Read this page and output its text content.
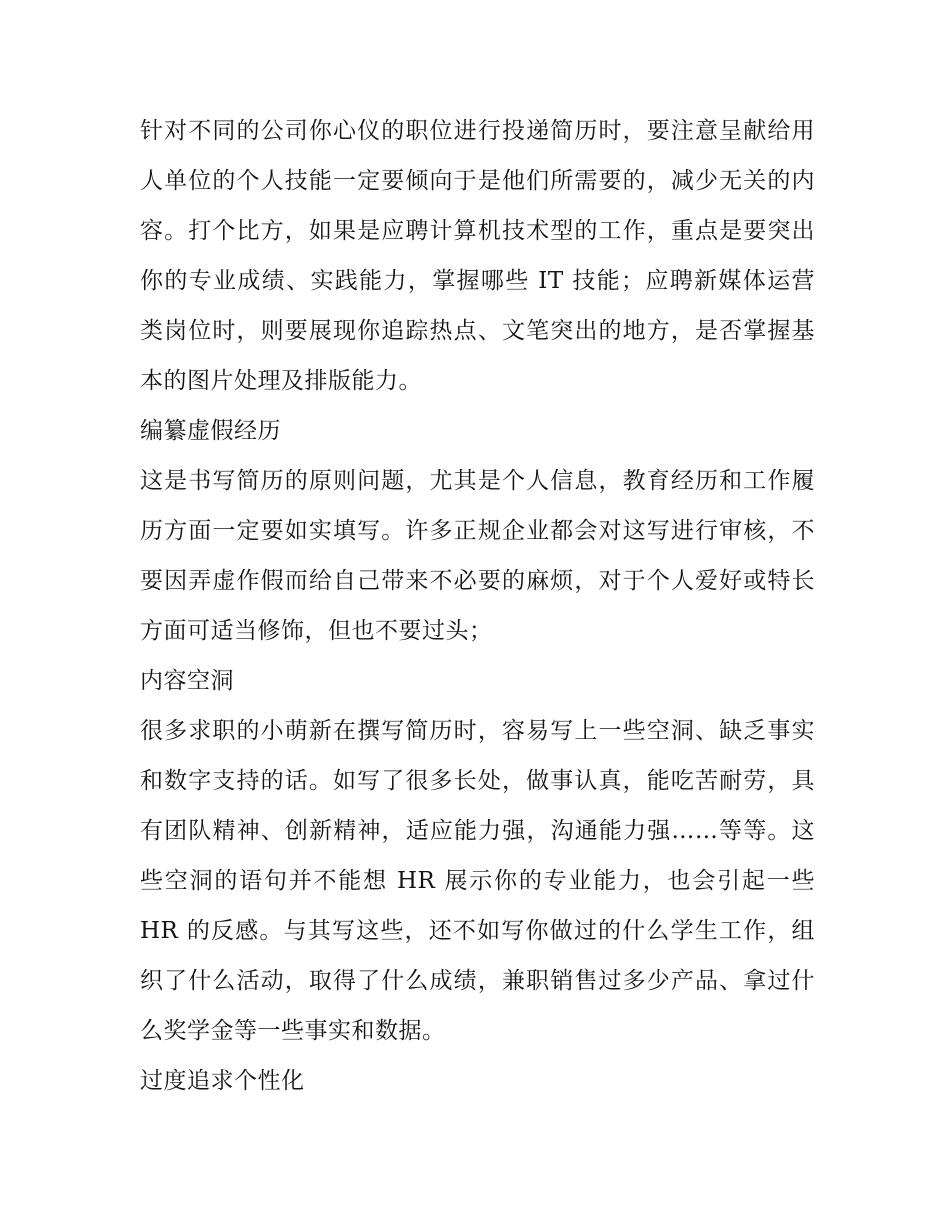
针对不同的公司你心仪的职位进行投递简历时，要注意呈献给用人单位的个人技能一定要倾向于是他们所需要的，减少无关的内容。打个比方，如果是应聘计算机技术型的工作，重点是要突出你的专业成绩、实践能力，掌握哪些 IT 技能；应聘新媒体运营类岗位时，则要展现你追踪热点、文笔突出的地方，是否掌握基本的图片处理及排版能力。

编纂虚假经历

这是书写简历的原则问题，尤其是个人信息，教育经历和工作履历方面一定要如实填写。许多正规企业都会对这写进行审核，不要因弄虚作假而给自己带来不必要的麻烦，对于个人爱好或特长方面可适当修饰，但也不要过头；

内容空洞

很多求职的小萌新在撰写简历时，容易写上一些空洞、缺乏事实和数字支持的话。如写了很多长处，做事认真，能吃苦耐劳，具有团队精神、创新精神，适应能力强，沟通能力强……等等。这些空洞的语句并不能想 HR 展示你的专业能力，也会引起一些 HR 的反感。与其写这些，还不如写你做过的什么学生工作，组织了什么活动，取得了什么成绩，兼职销售过多少产品、拿过什么奖学金等一些事实和数据。

过度追求个性化
